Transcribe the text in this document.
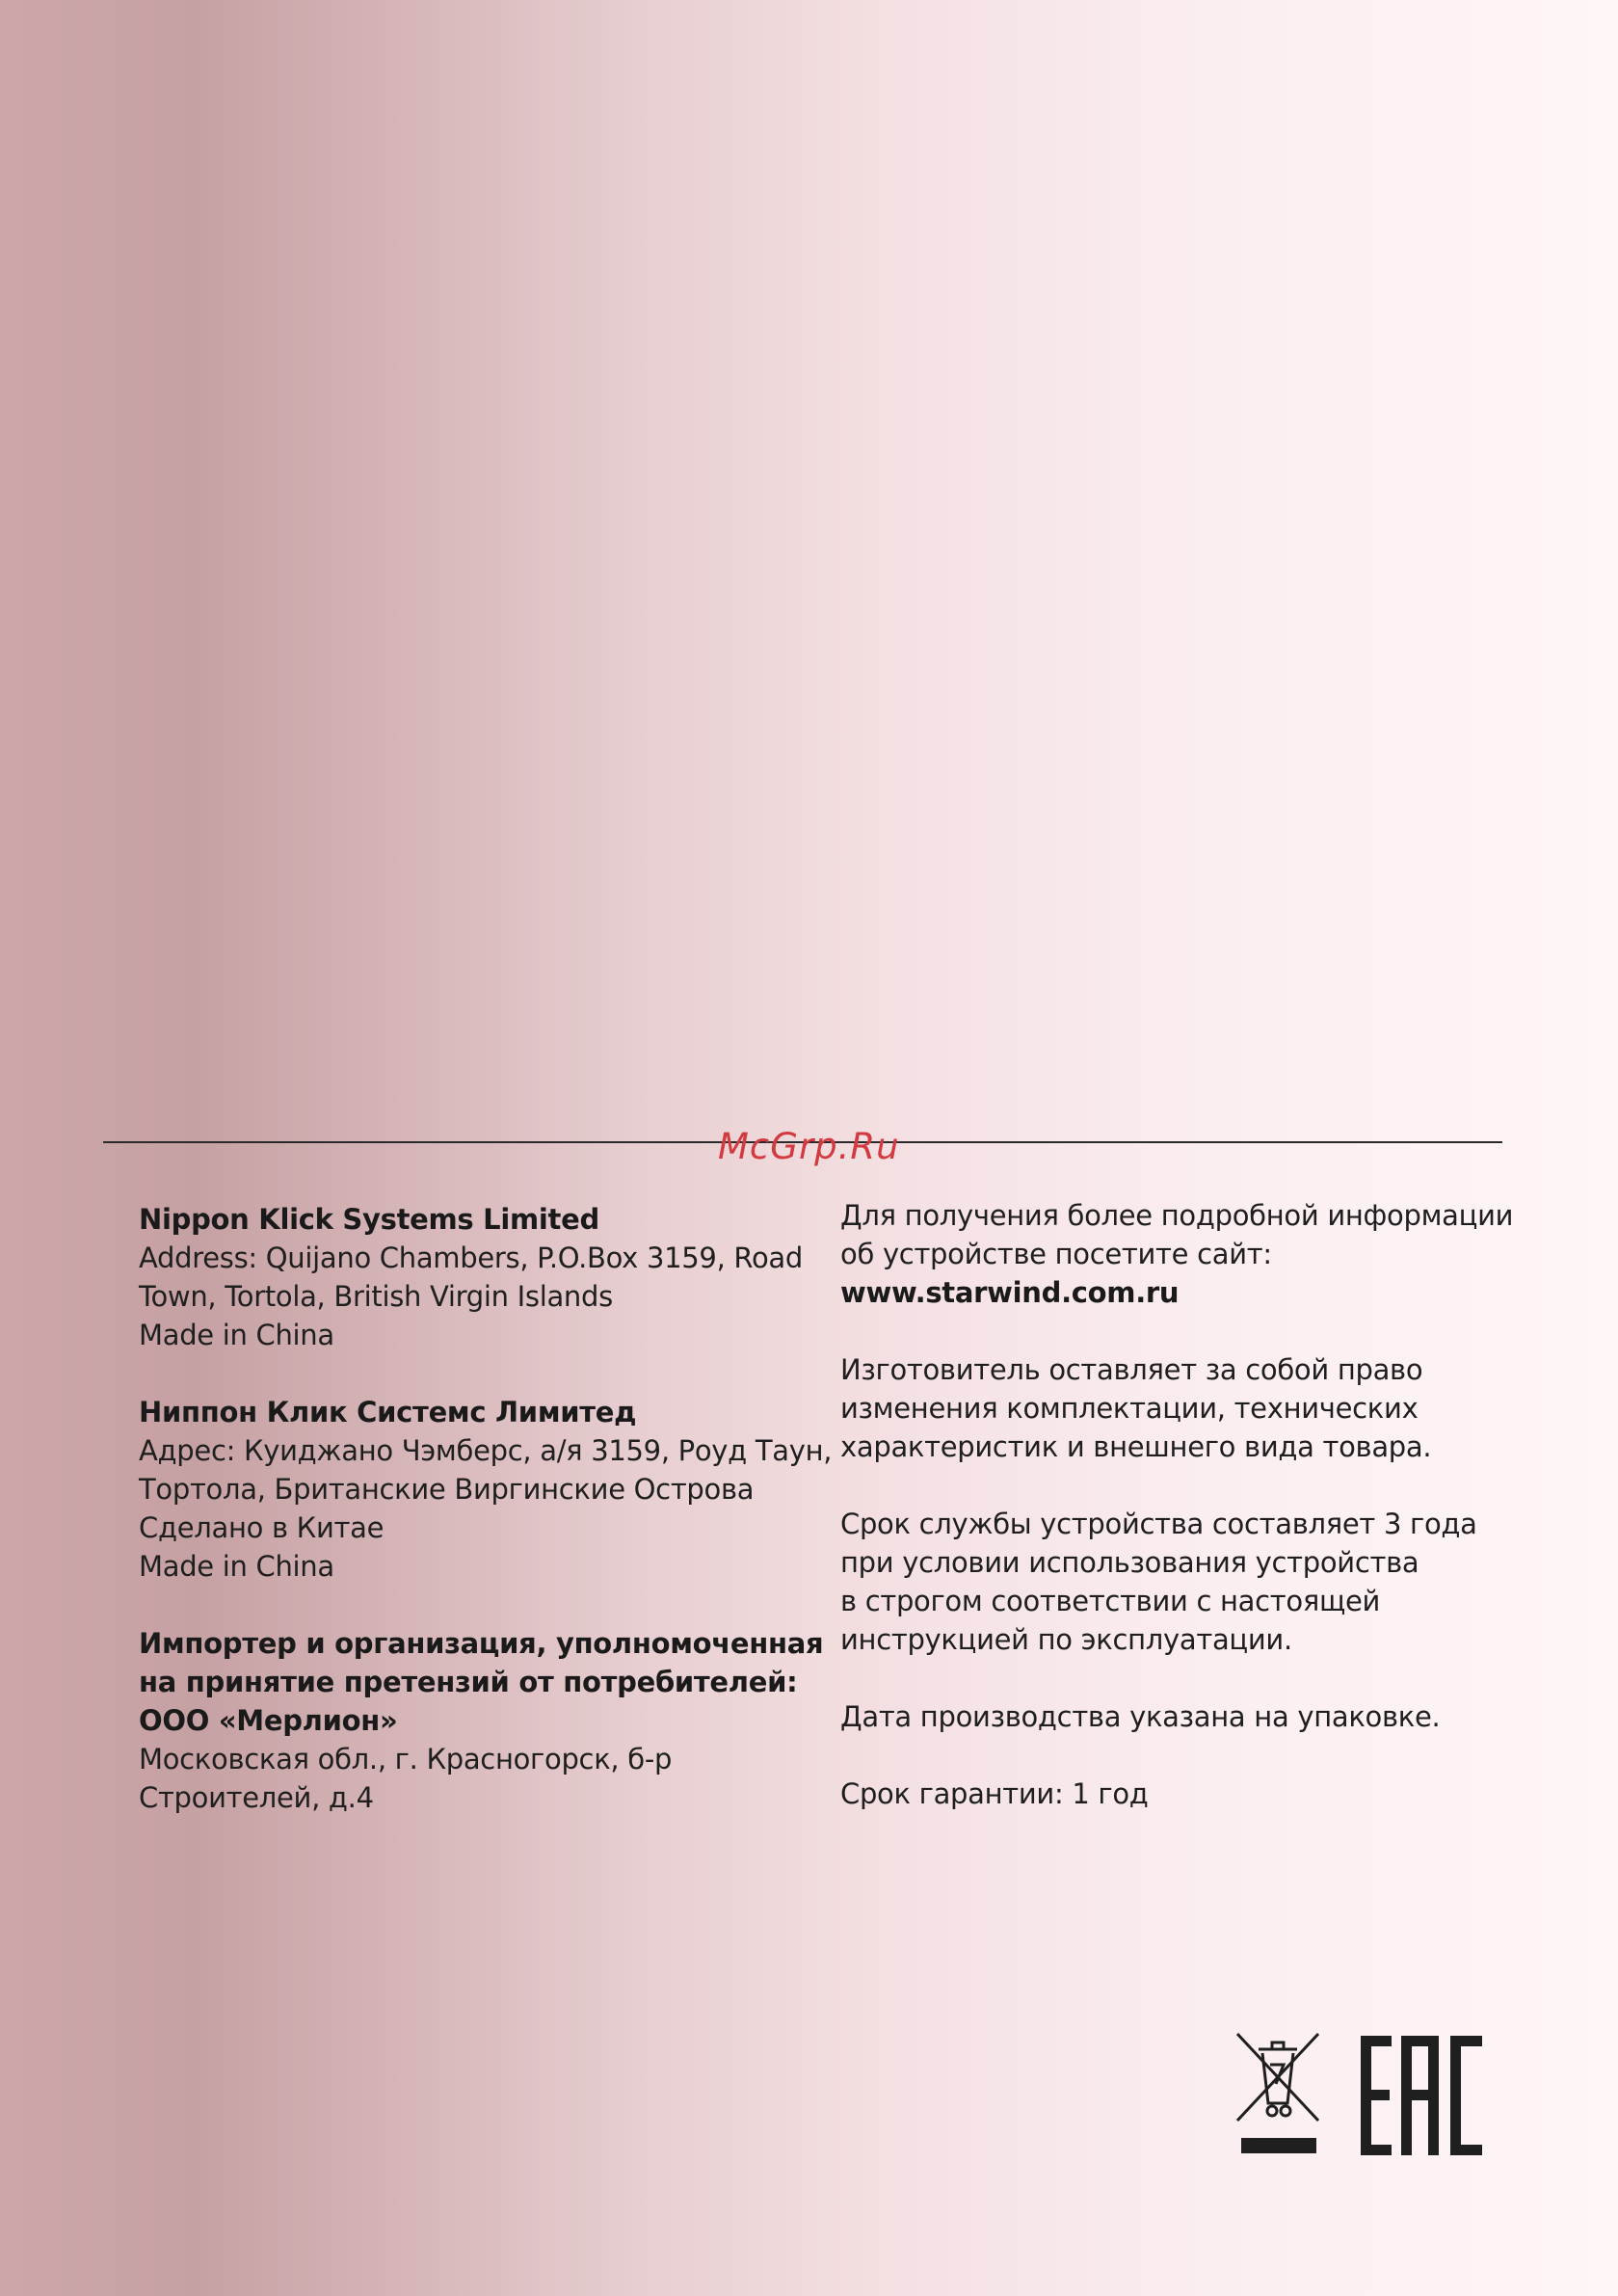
McGrp.Ru
Nippon Klick Systems Limited
Address: Quijano Chambers, P.O.Box 3159, Road
Town, Tortola, British Virgin Islands
Made in China
Ниппон Клик Системс Лимитед
Адрес: Куиджано Чэмберс, а/я 3159, Роуд Таун,
Тортола, Британские Виргинские Острова
Сделано в Китае
Made in China
Импортер и организация, уполномоченная
на принятие претензий от потребителей:
ООО «Мерлион»
Московская обл., г. Красногорск, б-р
Строителей, д.4
Для получения более подробной информации
об устройстве посетите сайт:
www.starwind.com.ru
Изготовитель оставляет за собой право
изменения комплектации, технических
характеристик и внешнего вида товара.
Срок службы устройства составляет 3 года
при условии использования устройства
в строгом соответствии с настоящей
инструкцией по эксплуатации.
Дата производства указана на упаковке.
Срок гарантии: 1 год
